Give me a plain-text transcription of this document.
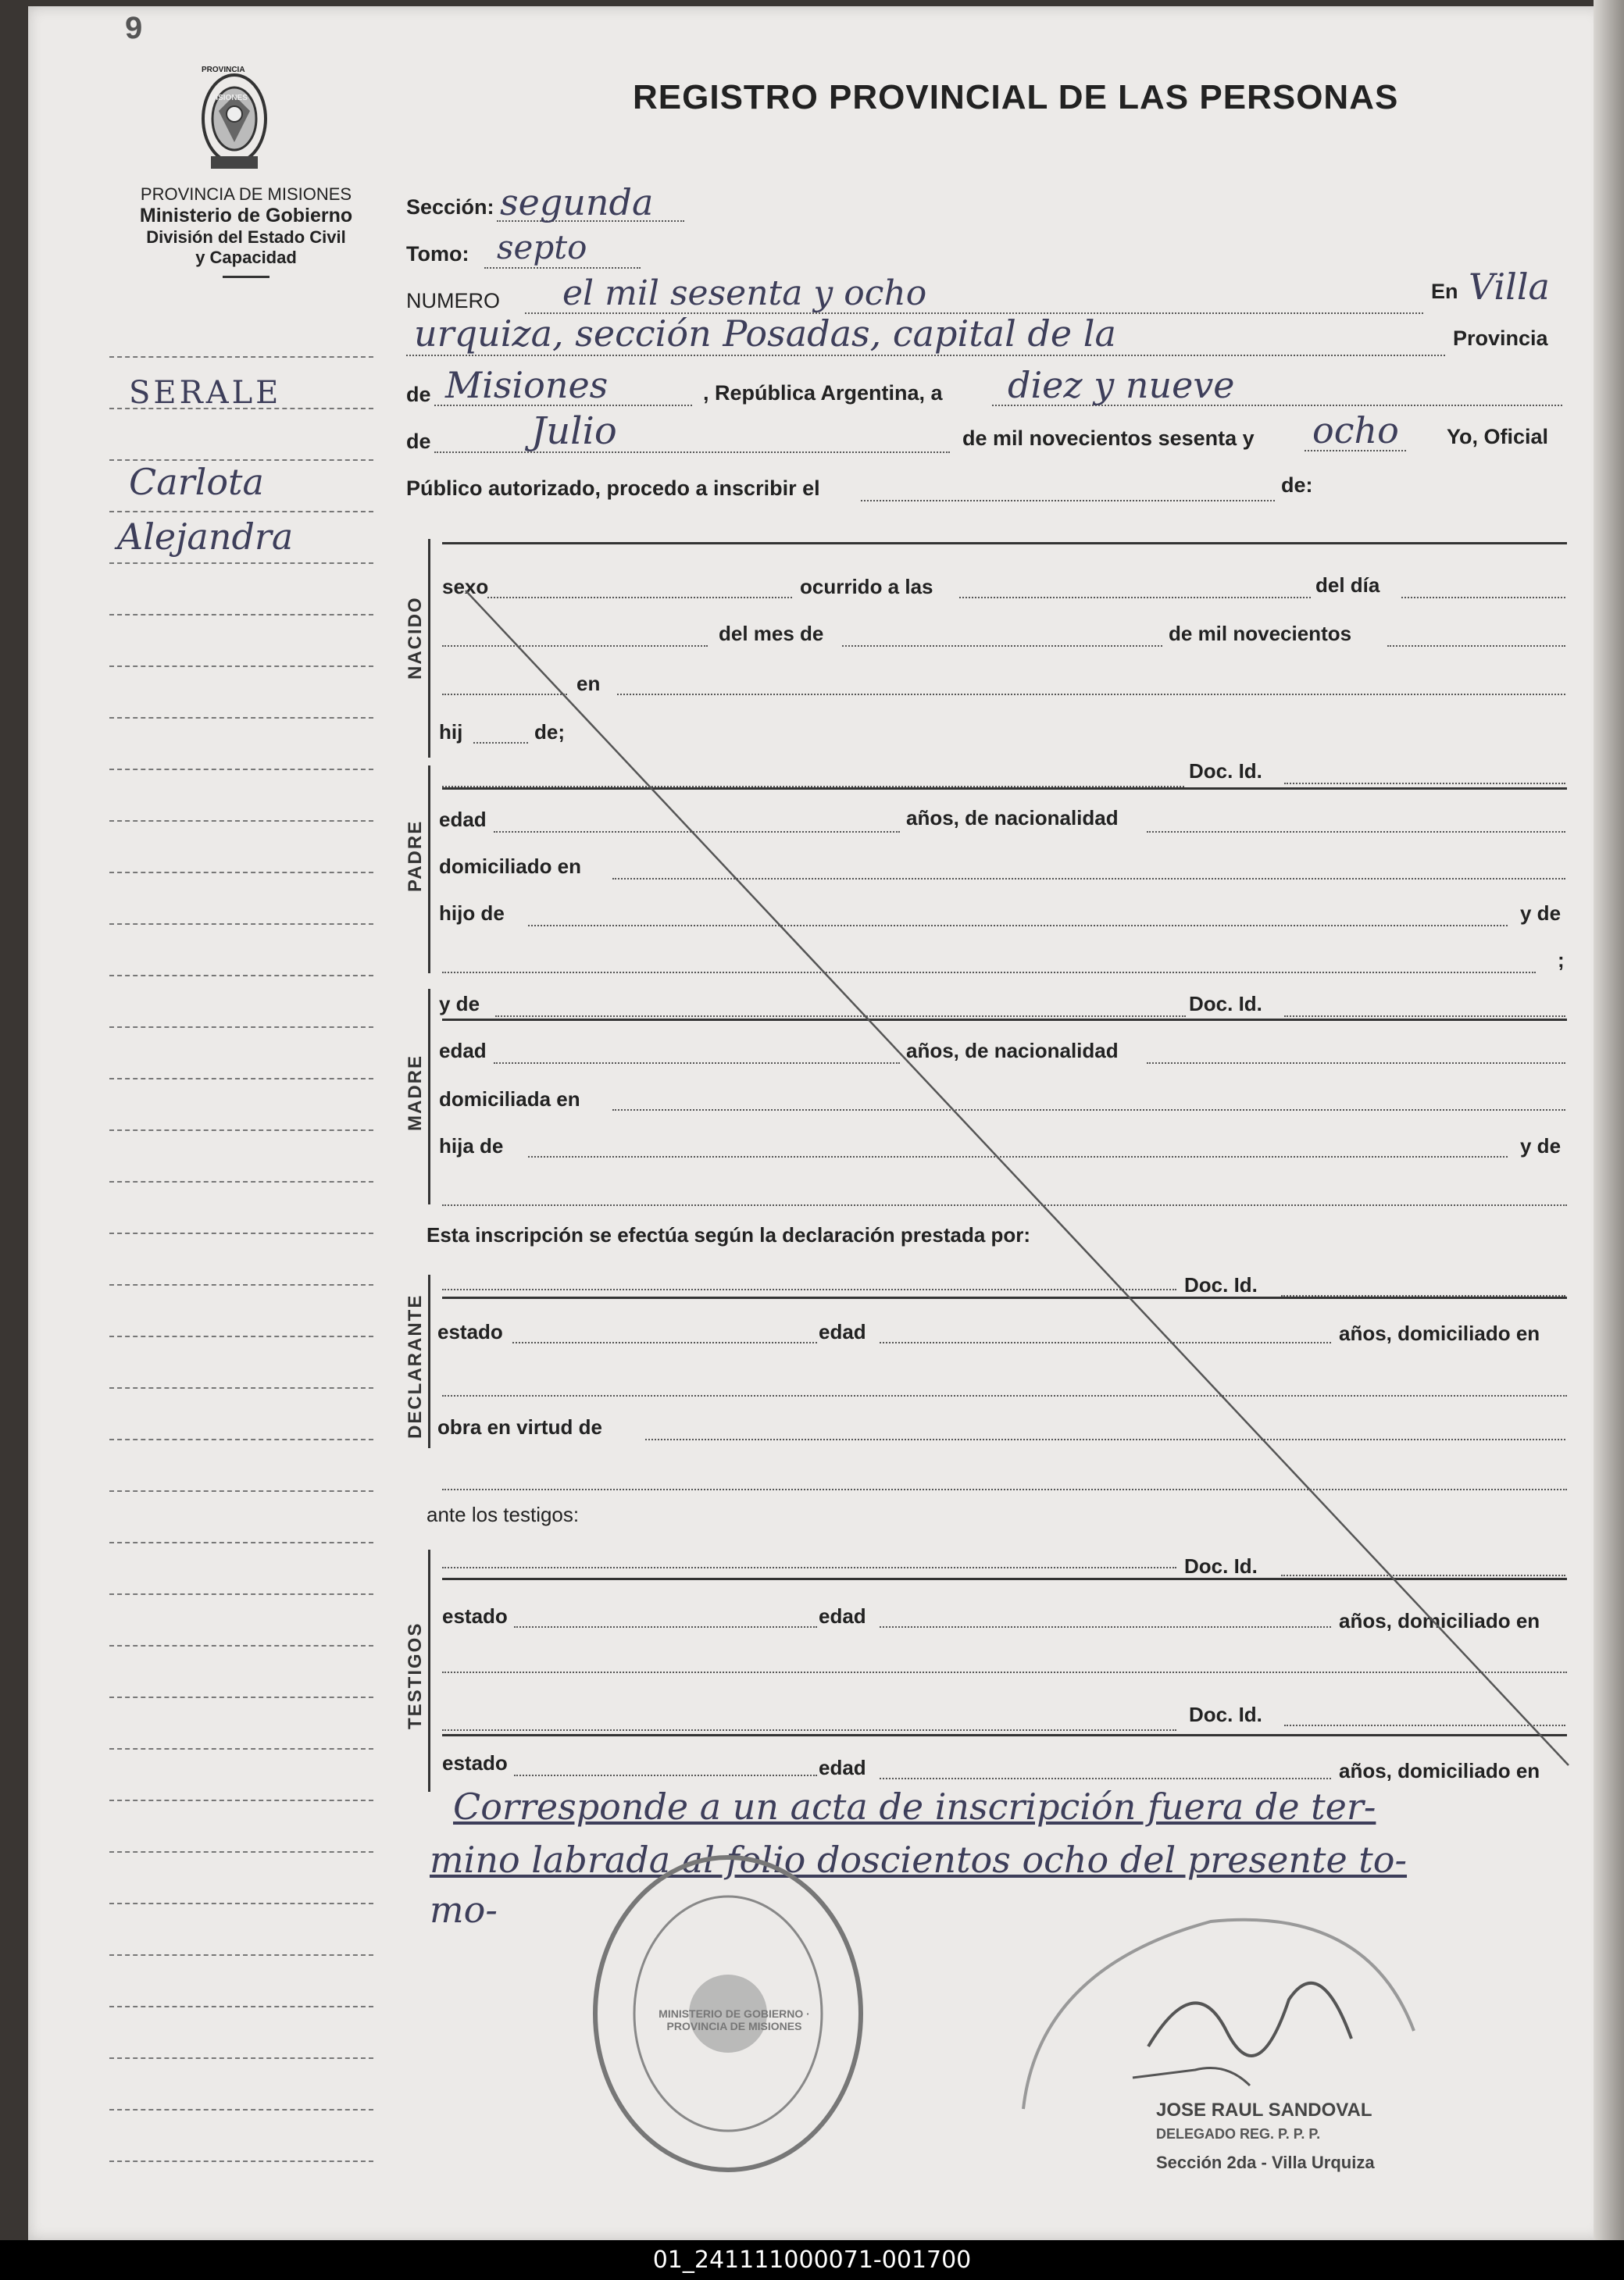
9
PROVINCIA
MISIONES
PROVINCIA DE MISIONES
Ministerio de Gobierno
División del Estado Civil
y Capacidad
REGISTRO PROVINCIAL DE LAS PERSONAS
SERALE
Carlota
Alejandra
Sección: segunda
Tomo: septo
NUMERO el mil sesenta y ocho	En Villa
urquiza, sección Posadas, capital de la	Provincia
de Misiones	, República Argentina, a diez y nueve
de	Julio	de mil novecientos sesenta y ocho Yo, Oficial
Público autorizado, procedo a inscribir el	de:
NACIDO
sexo	ocurrido a las	del día
del mes de	de mil novecientos
en
hij	de;
Doc. Id.
PADRE
edad	años, de nacionalidad
domiciliado en
hijo de	y de
;
MADRE
y de	Doc. Id.
edad	años, de nacionalidad
domiciliada en
hija de	y de
Esta inscripción se efectúa según la declaración prestada por:
DECLARANTE
Doc. Id.
estado	edad	años, domiciliado en
obra en virtud de
ante los testigos:
TESTIGOS
Doc. Id.
estado	edad	años, domiciliado en
Doc. Id.
estado	edad	años, domiciliado en
Corresponde a un acta de inscripción fuera de ter-
mino labrada al folio doscientos ocho del presente to-
mo-
MINISTERIO DE GOBIERNO · PROVINCIA DE MISIONES
JOSE RAUL SANDOVAL
DELEGADO REG. P. P. P.
Sección 2da - Villa Urquiza
01_241111000071-001700
